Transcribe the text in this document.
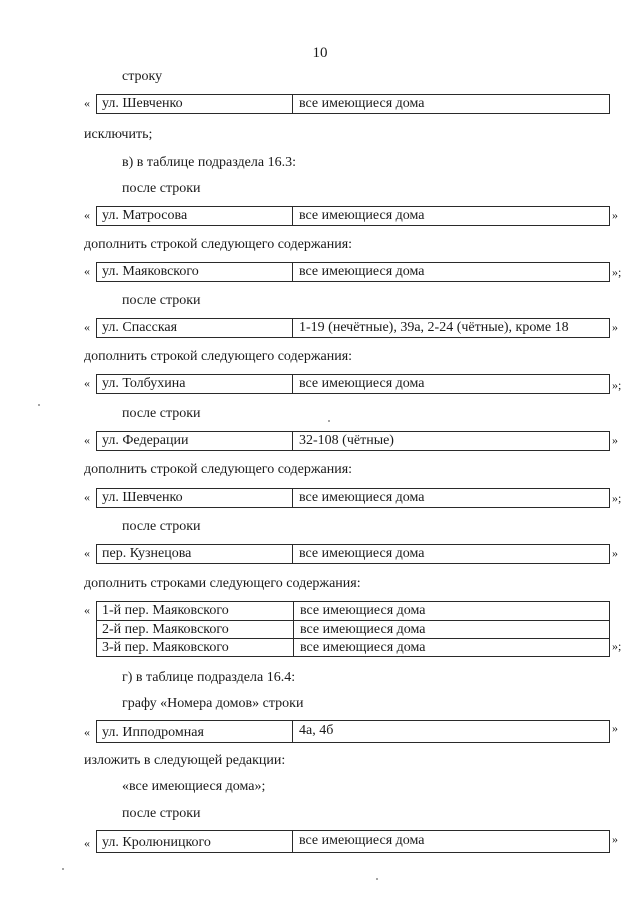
10
строку
« ул. Шевченко	все имеющиеся дома
исключить;
в) в таблице подраздела 16.3:
после строки
« ул. Матросова	все имеющиеся дома	»
дополнить строкой следующего содержания:
« ул. Маяковского	все имеющиеся дома	»;
после строки
« ул. Спасская	1-19 (нечётные), 39а, 2-24 (чётные), кроме 18	»
дополнить строкой следующего содержания:
« ул. Толбухина	все имеющиеся дома	»;
после строки
« ул. Федерации	32-108 (чётные)	»
дополнить строкой следующего содержания:
« ул. Шевченко	все имеющиеся дома	»;
после строки
« пер. Кузнецова	все имеющиеся дома	»
дополнить строками следующего содержания:
« 1-й пер. Маяковского	все имеющиеся дома
2-й пер. Маяковского	все имеющиеся дома
3-й пер. Маяковского	все имеющиеся дома	»;
г) в таблице подраздела 16.4:
графу «Номера домов» строки
« ул. Ипподромная	4а, 4б	»
изложить в следующей редакции:
«все имеющиеся дома»;
после строки
« ул. Кролюницкого	все имеющиеся дома	»
